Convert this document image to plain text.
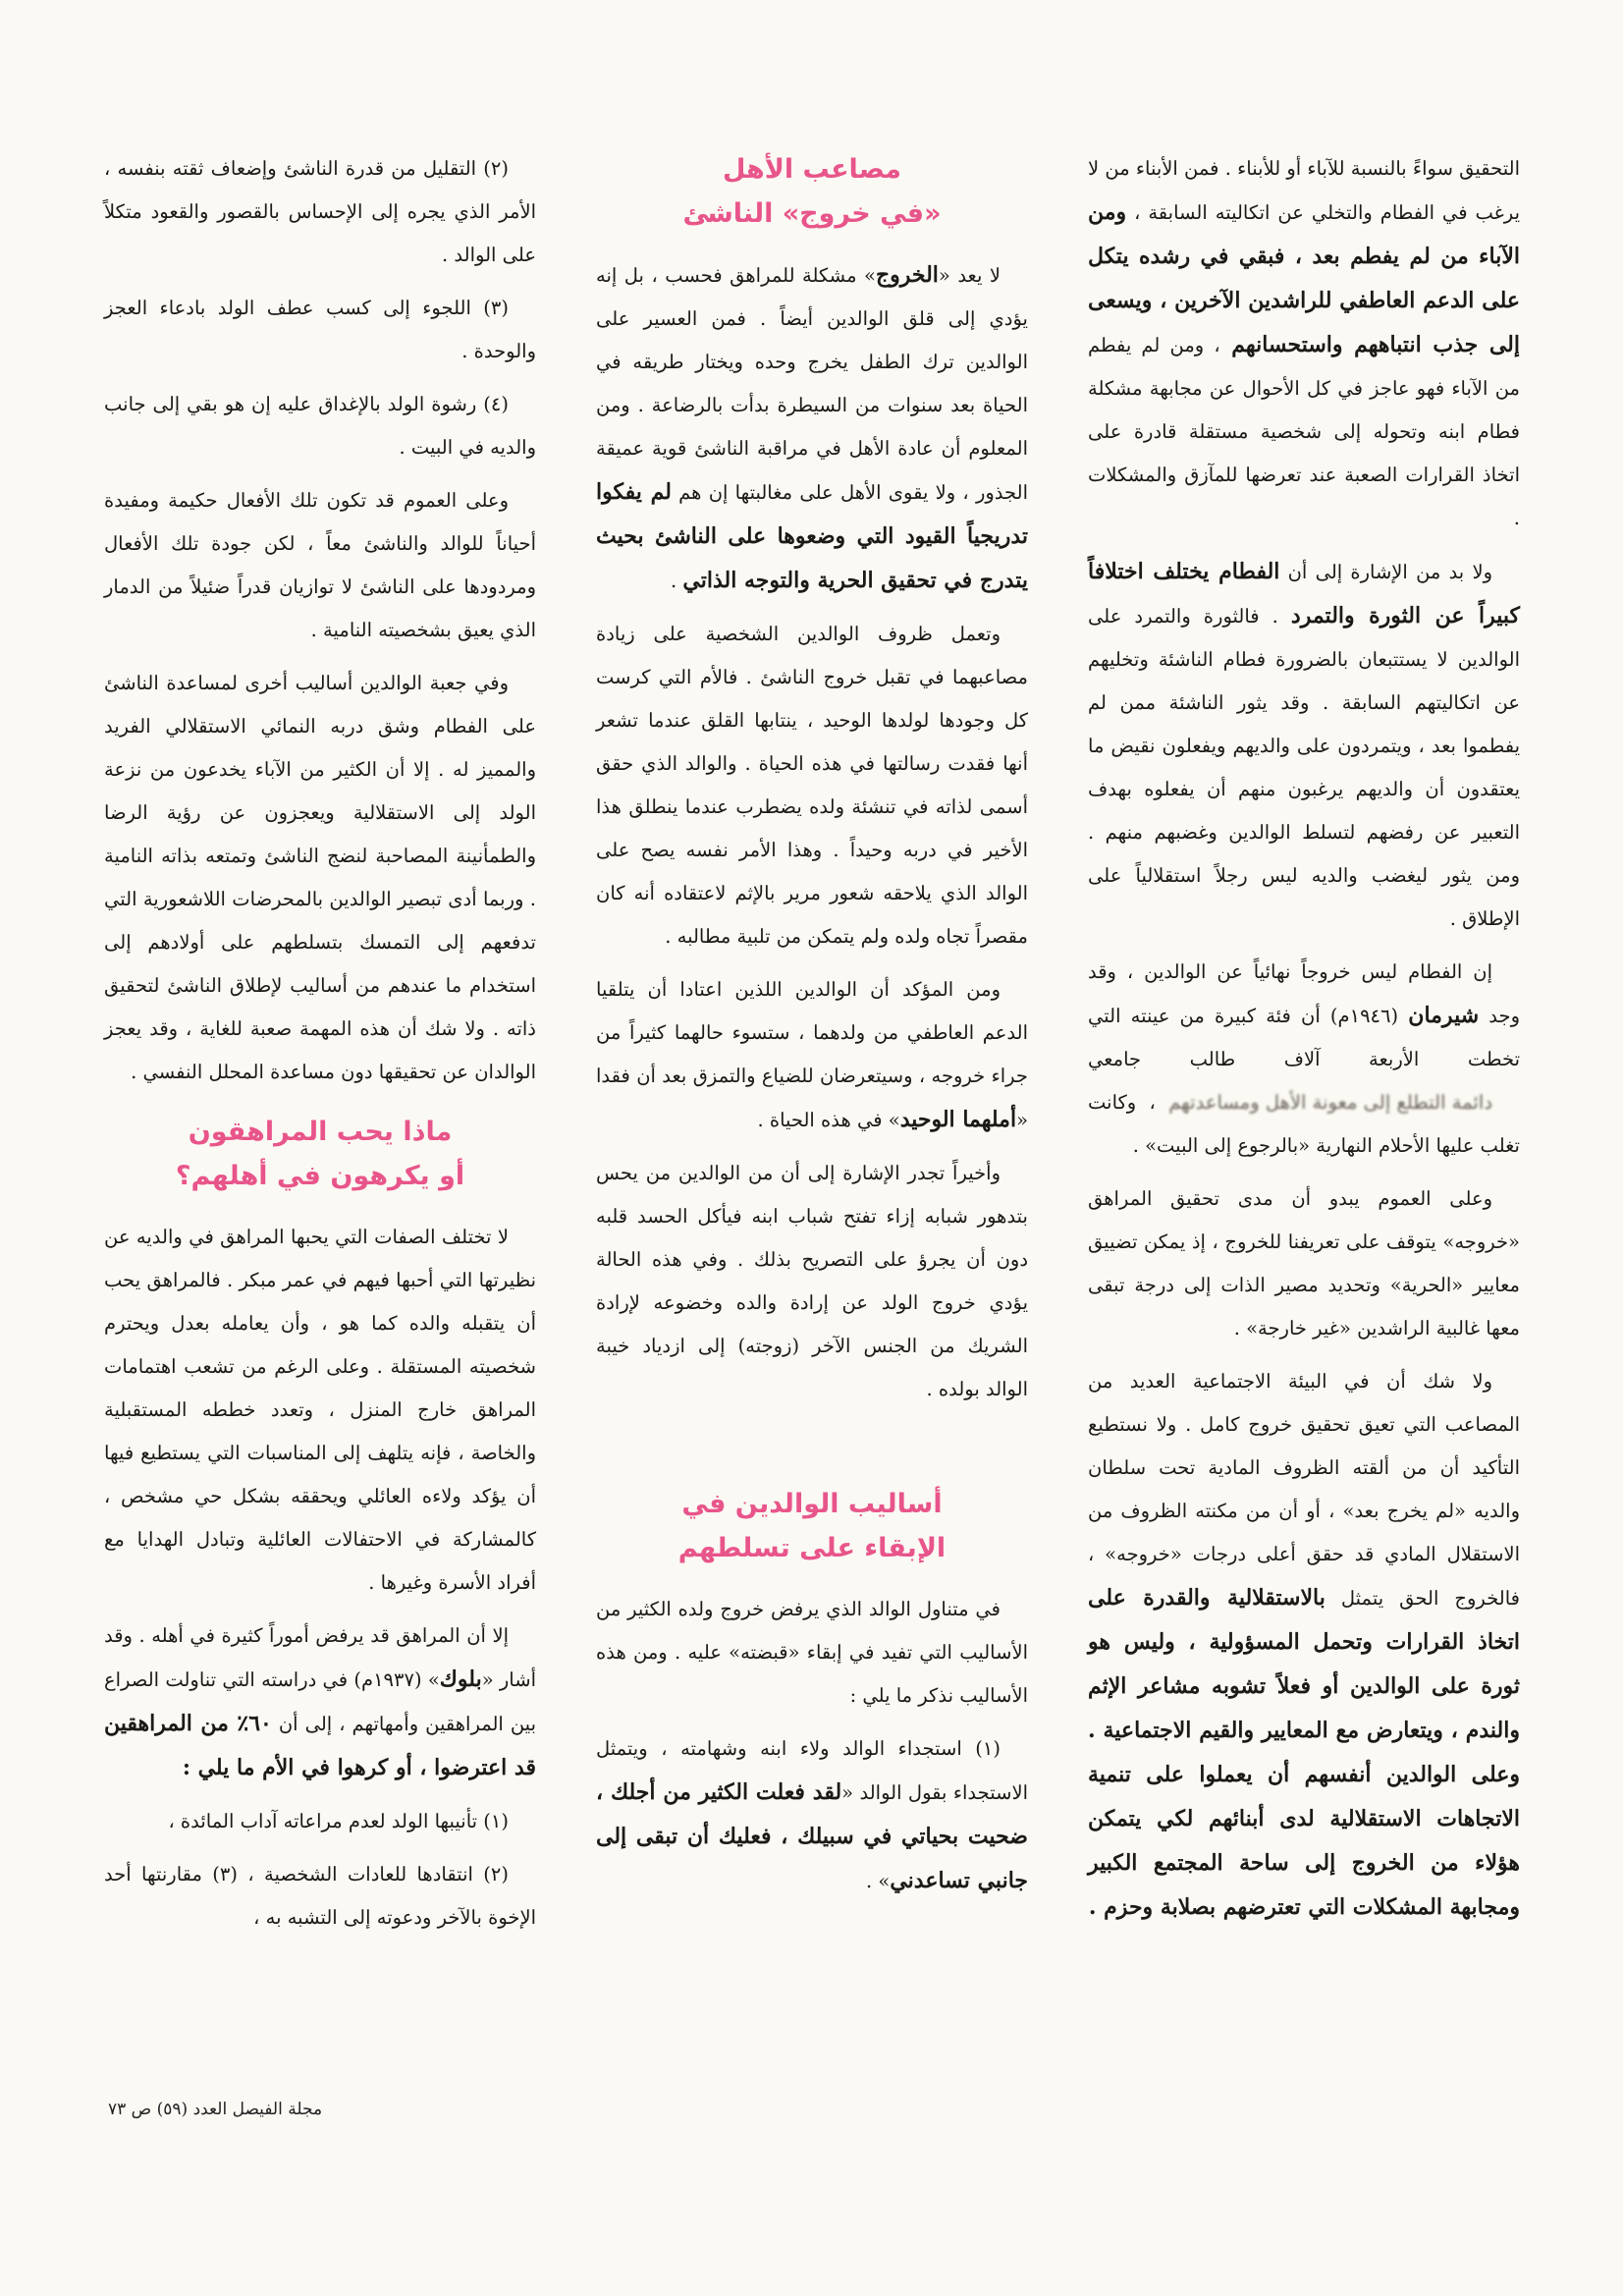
التحقيق سواءً بالنسبة للآباء أو للأبناء . فمن الأبناء من لا يرغب في الفطام والتخلي عن اتكاليته السابقة ، ومن الآباء من لم يفطم بعد ، فبقي في رشده يتكل على الدعم العاطفي للراشدين الآخرين ، ويسعى إلى جذب انتباههم واستحسانهم ، ومن لم يفطم من الآباء فهو عاجز في كل الأحوال عن مجابهة مشكلة فطام ابنه وتحوله إلى شخصية مستقلة قادرة على اتخاذ القرارات الصعبة عند تعرضها للمآزق والمشكلات .

ولا بد من الإشارة إلى أن الفطام يختلف اختلافاً كبيراً عن الثورة والتمرد . فالثورة والتمرد على الوالدين لا يستتبعان بالضرورة فطام الناشئة وتخليهم عن اتكاليتهم السابقة . وقد يثور الناشئة ممن لم يفطموا بعد ، ويتمردون على والديهم ويفعلون نقيض ما يعتقدون أن والديهم يرغبون منهم أن يفعلوه بهدف التعبير عن رفضهم لتسلط الوالدين وغضبهم منهم . ومن يثور ليغضب والديه ليس رجلاً استقلالياً على الإطلاق .

إن الفطام ليس خروجاً نهائياً عن الوالدين ، وقد وجد شيرمان (١٩٤٦م) أن فئة كبيرة من عينته التي تخطت الأربعة آلاف طالب جامعي دائمة التطلع إلى معونة الأهل ومساعدتهم ، وكانت تغلب عليها الأحلام النهارية «بالرجوع إلى البيت» .

وعلى العموم يبدو أن مدى تحقيق المراهق «خروجه» يتوقف على تعريفنا للخروج ، إذ يمكن تضييق معايير «الحرية» وتحديد مصير الذات إلى درجة تبقى معها غالبية الراشدين «غير خارجة» .

ولا شك أن في البيئة الاجتماعية العديد من المصاعب التي تعيق تحقيق خروج كامل . ولا نستطيع التأكيد أن من ألقته الظروف المادية تحت سلطان والديه «لم يخرج بعد» ، أو أن من مكنته الظروف من الاستقلال المادي قد حقق أعلى درجات «خروجه» ، فالخروج الحق يتمثل بالاستقلالية والقدرة على اتخاذ القرارات وتحمل المسؤولية ، وليس هو ثورة على الوالدين أو فعلاً تشوبه مشاعر الإثم والندم ، ويتعارض مع المعايير والقيم الاجتماعية . وعلى الوالدين أنفسهم أن يعملوا على تنمية الاتجاهات الاستقلالية لدى أبنائهم لكي يتمكن هؤلاء من الخروج إلى ساحة المجتمع الكبير ومجابهة المشكلات التي تعترضهم بصلابة وحزم .

مصاعب الأهل
«في خروج» الناشئ

لا يعد «الخروج» مشكلة للمراهق فحسب ، بل إنه يؤدي إلى قلق الوالدين أيضاً . فمن العسير على الوالدين ترك الطفل يخرج وحده ويختار طريقه في الحياة بعد سنوات من السيطرة بدأت بالرضاعة . ومن المعلوم أن عادة الأهل في مراقبة الناشئ قوية عميقة الجذور ، ولا يقوى الأهل على مغالبتها إن هم لم يفكوا تدريجياً القيود التي وضعوها على الناشئ بحيث يتدرج في تحقيق الحرية والتوجه الذاتي .

وتعمل ظروف الوالدين الشخصية على زيادة مصاعبهما في تقبل خروج الناشئ . فالأم التي كرست كل وجودها لولدها الوحيد ، ينتابها القلق عندما تشعر أنها فقدت رسالتها في هذه الحياة . والوالد الذي حقق أسمى لذاته في تنشئة ولده يضطرب عندما ينطلق هذا الأخير في دربه وحيداً . وهذا الأمر نفسه يصح على الوالد الذي يلاحقه شعور مرير بالإثم لاعتقاده أنه كان مقصراً تجاه ولده ولم يتمكن من تلبية مطالبه .

ومن المؤكد أن الوالدين اللذين اعتادا أن يتلقيا الدعم العاطفي من ولدهما ، ستسوء حالهما كثيراً من جراء خروجه ، وسيتعرضان للضياع والتمزق بعد أن فقدا «أملهما الوحيد» في هذه الحياة .

وأخيراً تجدر الإشارة إلى أن من الوالدين من يحس بتدهور شبابه إزاء تفتح شباب ابنه فيأكل الحسد قلبه دون أن يجرؤ على التصريح بذلك . وفي هذه الحالة يؤدي خروج الولد عن إرادة والده وخضوعه لإرادة الشريك من الجنس الآخر (زوجته) إلى ازدياد خيبة الوالد بولده .

أساليب الوالدين في
الإبقاء على تسلطهم

في متناول الوالد الذي يرفض خروج ولده الكثير من الأساليب التي تفيد في إبقاء «قبضته» عليه . ومن هذه الأساليب نذكر ما يلي :

(١) استجداء الوالد ولاء ابنه وشهامته ، ويتمثل الاستجداء بقول الوالد «لقد فعلت الكثير من أجلك ، ضحيت بحياتي في سبيلك ، فعليك أن تبقى إلى جانبي تساعدني» .

(٢) التقليل من قدرة الناشئ وإضعاف ثقته بنفسه ، الأمر الذي يجره إلى الإحساس بالقصور والقعود متكلاً على الوالد .

(٣) اللجوء إلى كسب عطف الولد بادعاء العجز والوحدة .

(٤) رشوة الولد بالإغداق عليه إن هو بقي إلى جانب والديه في البيت .

وعلى العموم قد تكون تلك الأفعال حكيمة ومفيدة أحياناً للوالد والناشئ معاً ، لكن جودة تلك الأفعال ومردودها على الناشئ لا توازيان قدراً ضئيلاً من الدمار الذي يعيق بشخصيته النامية .

وفي جعبة الوالدين أساليب أخرى لمساعدة الناشئ على الفطام وشق دربه النمائي الاستقلالي الفريد والمميز له . إلا أن الكثير من الآباء يخدعون من نزعة الولد إلى الاستقلالية ويعجزون عن رؤية الرضا والطمأنينة المصاحبة لنضج الناشئ وتمتعه بذاته النامية . وربما أدى تبصير الوالدين بالمحرضات اللاشعورية التي تدفعهم إلى التمسك بتسلطهم على أولادهم إلى استخدام ما عندهم من أساليب لإطلاق الناشئ لتحقيق ذاته . ولا شك أن هذه المهمة صعبة للغاية ، وقد يعجز الوالدان عن تحقيقها دون مساعدة المحلل النفسي .

ماذا يحب المراهقون
أو يكرهون في أهلهم؟

لا تختلف الصفات التي يحبها المراهق في والديه عن نظيرتها التي أحبها فيهم في عمر مبكر . فالمراهق يحب أن يتقبله والده كما هو ، وأن يعامله بعدل ويحترم شخصيته المستقلة . وعلى الرغم من تشعب اهتمامات المراهق خارج المنزل ، وتعدد خططه المستقبلية والخاصة ، فإنه يتلهف إلى المناسبات التي يستطيع فيها أن يؤكد ولاءه العائلي ويحققه بشكل حي مشخص ، كالمشاركة في الاحتفالات العائلية وتبادل الهدايا مع أفراد الأسرة وغيرها .

إلا أن المراهق قد يرفض أموراً كثيرة في أهله . وقد أشار «بلوك» (١٩٣٧م) في دراسته التي تناولت الصراع بين المراهقين وأمهاتهم ، إلى أن ٦٠٪ من المراهقين قد اعترضوا ، أو كرهوا في الأم ما يلي :

(١) تأنيبها الولد لعدم مراعاته آداب المائدة ،

(٢) انتقادها للعادات الشخصية ، (٣) مقارنتها أحد الإخوة بالآخر ودعوته إلى التشبه به ،

مجلة الفيصل العدد (٥٩) ص ٧٣
